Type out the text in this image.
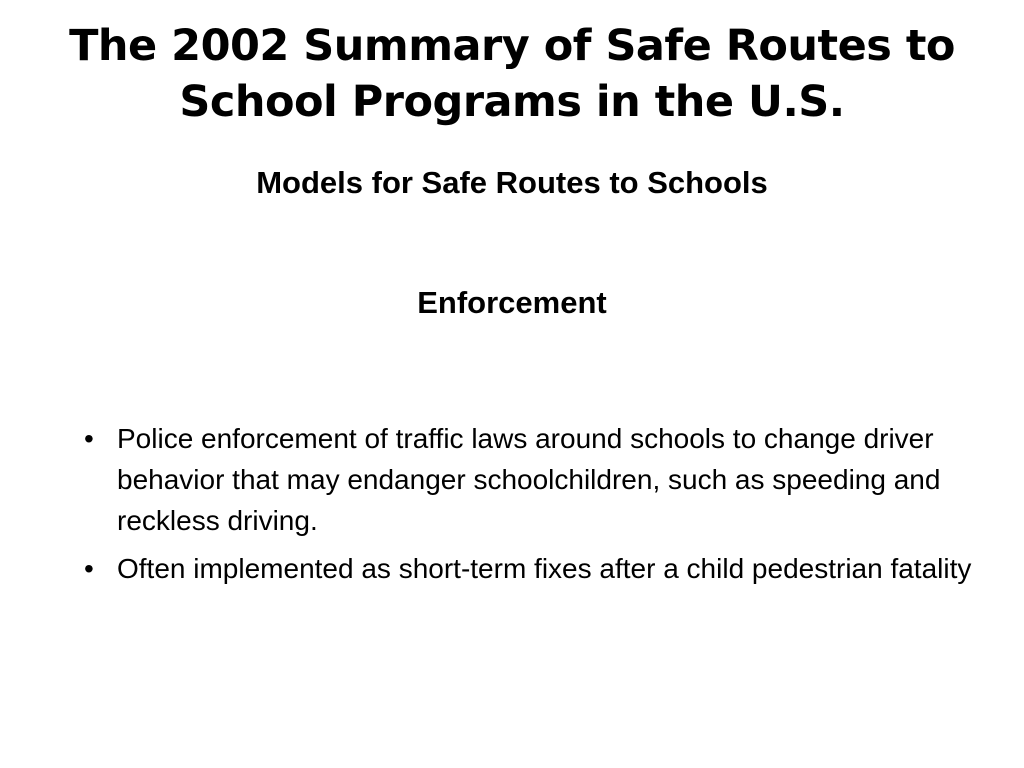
The 2002 Summary of Safe Routes to School Programs in the U.S.
Models for Safe Routes to Schools
Enforcement
• Police enforcement of traffic laws around schools to change driver behavior that may endanger schoolchildren, such as speeding and reckless driving.
• Often implemented as short-term fixes after a child pedestrian fatality
